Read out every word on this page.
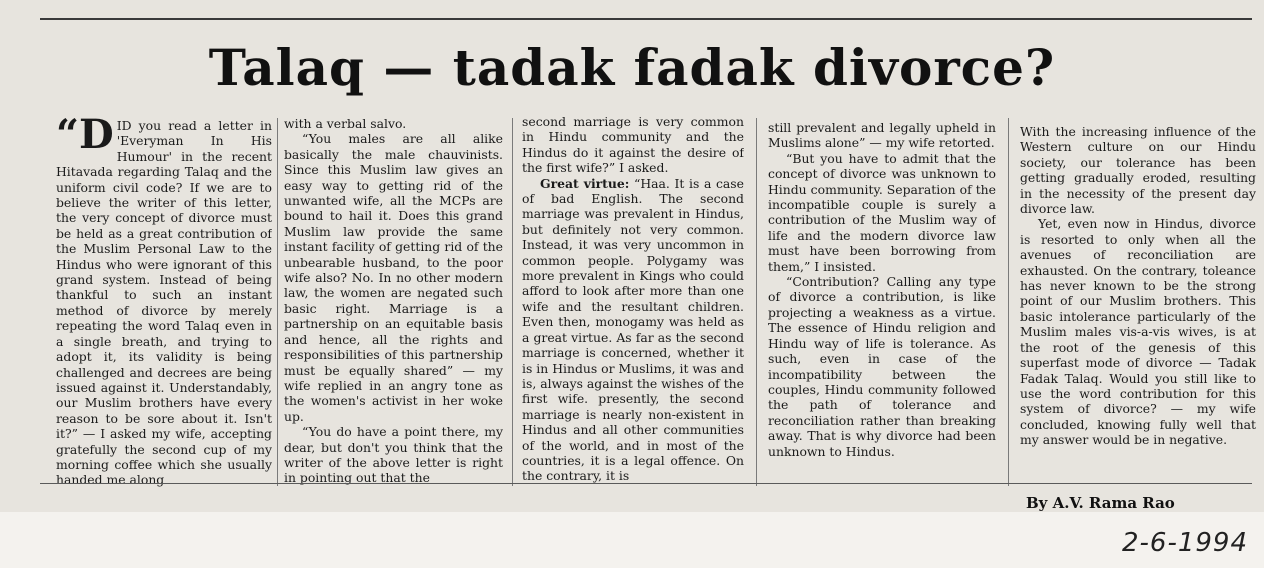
Talaq — tadak fadak divorce?

“DID you read a letter in 'Everyman In His Humour' in the recent Hitavada regarding Talaq and the uniform civil code? If we are to believe the writer of this letter, the very concept of divorce must be held as a great contribution of the Muslim Personal Law to the Hindus who were ignorant of this grand system. Instead of being thankful to such an instant method of divorce by merely repeating the word Talaq even in a single breath, and trying to adopt it, its validity is being challenged and decrees are being issued against it. Understandably, our Muslim brothers have every reason to be sore about it. Isn't it?” — I asked my wife, accepting gratefully the second cup of my morning coffee which she usually handed me along

with a verbal salvo.

“You males are all alike basically the male chauvinists. Since this Muslim law gives an easy way to getting rid of the unwanted wife, all the MCPs are bound to hail it. Does this grand Muslim law provide the same instant facility of getting rid of the unbearable husband, to the poor wife also? No. In no other modern law, the women are negated such basic right. Marriage is a partnership on an equitable basis and hence, all the rights and responsibilities of this partnership must be equally shared” — my wife replied in an angry tone as the women's activist in her woke up.

“You do have a point there, my dear, but don't you think that the writer of the above letter is right in pointing out that the

second marriage is very common in Hindu community and the Hindus do it against the desire of the first wife?” I asked.

Great virtue: “Haa. It is a case of bad English. The second marriage was prevalent in Hindus, but definitely not very common. Instead, it was very uncommon in common people. Polygamy was more prevalent in Kings who could afford to look after more than one wife and the resultant children. Even then, monogamy was held as a great virtue. As far as the second marriage is concerned, whether it is in Hindus or Muslims, it was and is, always against the wishes of the first wife. presently, the second marriage is nearly non-existent in Hindus and all other communities of the world, and in most of the countries, it is a legal offence. On the contrary, it is

still prevalent and legally upheld in Muslims alone” — my wife retorted.

“But you have to admit that the concept of divorce was unknown to Hindu community. Separation of the incompatible couple is surely a contribution of the Muslim way of life and the modern divorce law must have been borrowing from them,” I insisted.

“Contribution? Calling any type of divorce a contribution, is like projecting a weakness as a virtue. The essence of Hindu religion and Hindu way of life is tolerance. As such, even in case of the incompatibility between the couples, Hindu community followed the path of tolerance and reconciliation rather than breaking away. That is why divorce had been unknown to Hindus.

With the increasing influence of the Western culture on our Hindu society, our tolerance has been getting gradually eroded, resulting in the necessity of the present day divorce law.

Yet, even now in Hindus, divorce is resorted to only when all the avenues of reconciliation are exhausted. On the contrary, toleance has never known to be the strong point of our Muslim brothers. This basic intolerance particularly of the Muslim males vis-a-vis wives, is at the root of the genesis of this superfast mode of divorce — Tadak Fadak Talaq. Would you still like to use the word contribution for this system of divorce? — my wife concluded, knowing fully well that my answer would be in negative.

By A.V. Rama Rao
2-6-1994
